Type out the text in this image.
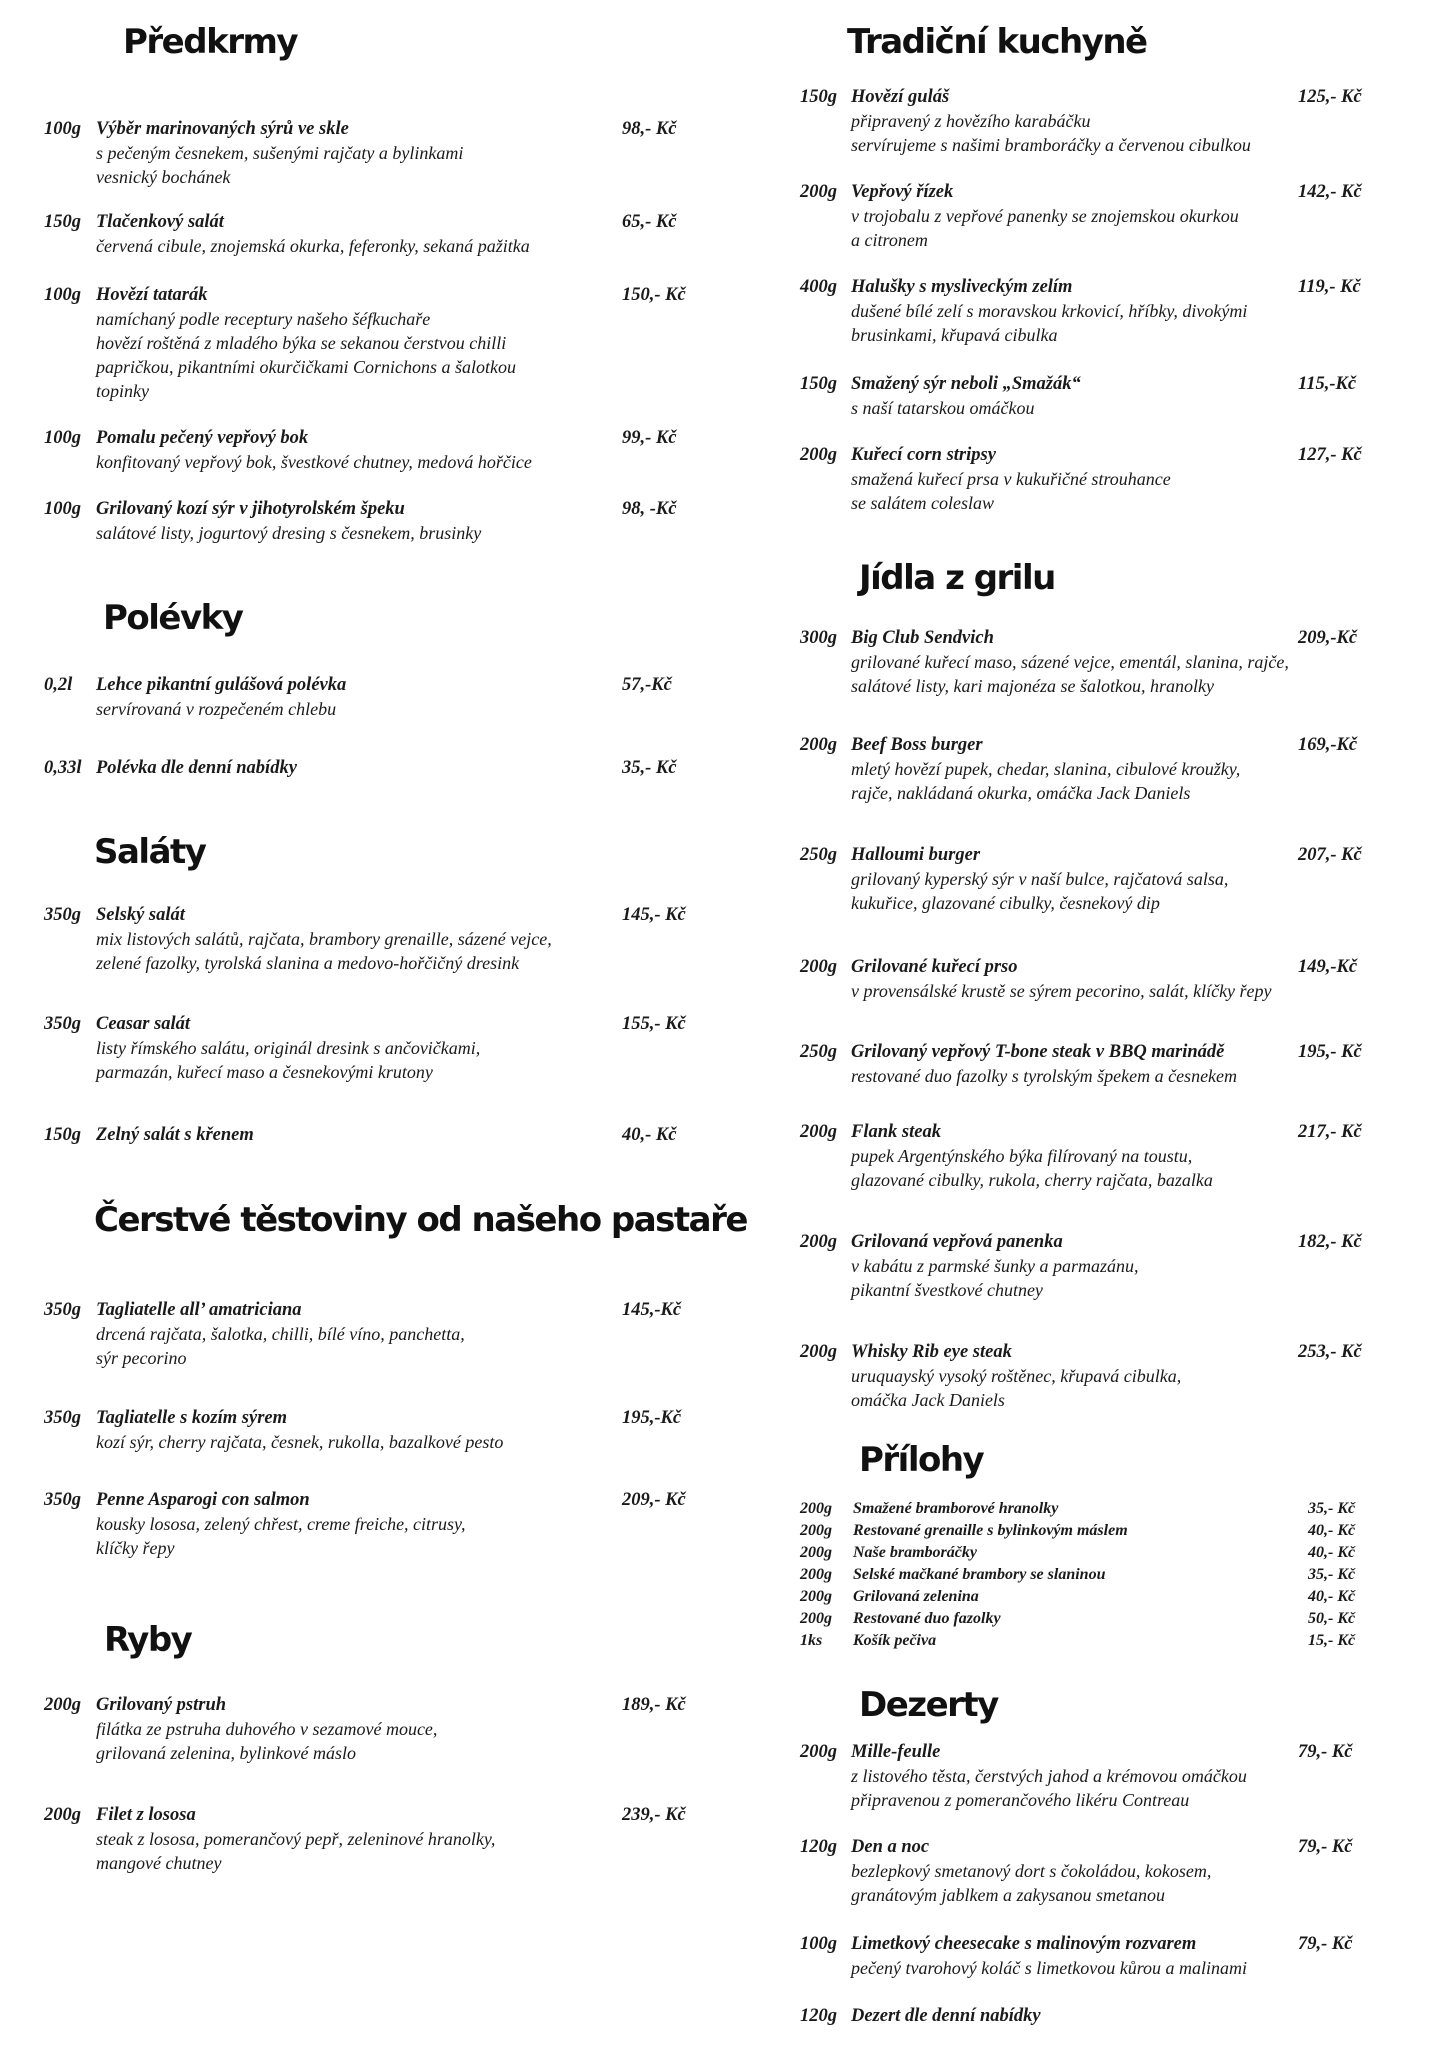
Předkrmy
100g Výběr marinovaných sýrů ve skle	98,- Kč
s pečeným česnekem, sušenými rajčaty a bylinkami
vesnický bochánek
150g Tlačenkový salát	65,- Kč
červená cibule, znojemská okurka, feferonky, sekaná pažitka
100g Hovězí tatarák	150,- Kč
namíchaný podle receptury našeho šéfkuchaře
hovězí roštěná z mladého býka se sekanou čerstvou chilli
papričkou, pikantními okurčičkami Cornichons a šalotkou
topinky
100g Pomalu pečený vepřový bok	99,- Kč
konfitovaný vepřový bok, švestkové chutney, medová hořčice
100g Grilovaný kozí sýr v jihotyrolském špeku	98, -Kč
salátové listy, jogurtový dresing s česnekem, brusinky
Polévky
0,2l Lehce pikantní gulášová polévka	57,-Kč
servírovaná v rozpečeném chlebu
0,33l Polévka dle denní nabídky	35,- Kč
Saláty
350g Selský salát	145,- Kč
mix listových salátů, rajčata, brambory grenaille, sázené vejce,
zelené fazolky, tyrolská slanina a medovo-hořčičný dresink
350g Ceasar salát	155,- Kč
listy římského salátu, originál dresink s ančovičkami,
parmazán, kuřecí maso a česnekovými krutony
150g Zelný salát s křenem	40,- Kč
Čerstvé těstoviny od našeho pastaře
350g Tagliatelle all’ amatriciana	145,-Kč
drcená rajčata, šalotka, chilli, bílé víno, panchetta,
sýr pecorino
350g Tagliatelle s kozím sýrem	195,-Kč
kozí sýr, cherry rajčata, česnek, rukolla, bazalkové pesto
350g Penne Asparogi con salmon	209,- Kč
kousky lososa, zelený chřest, creme freiche, citrusy,
klíčky řepy
Ryby
200g Grilovaný pstruh	189,- Kč
filátka ze pstruha duhového v sezamové mouce,
grilovaná zelenina, bylinkové máslo
200g Filet z lososa	239,- Kč
steak z lososa, pomerančový pepř, zeleninové hranolky,
mangové chutney
Tradiční kuchyně
150g Hovězí guláš	125,- Kč
připravený z hovězího karabáčku
servírujeme s našimi bramboráčky a červenou cibulkou
200g Vepřový řízek	142,- Kč
v trojobalu z vepřové panenky se znojemskou okurkou
a citronem
400g Halušky s mysliveckým zelím	119,- Kč
dušené bílé zelí s moravskou krkovicí, hříbky, divokými
brusinkami, křupavá cibulka
150g Smažený sýr neboli „Smažák“	115,-Kč
s naší tatarskou omáčkou
200g Kuřecí corn stripsy	127,- Kč
smažená kuřecí prsa v kukuřičné strouhance
se salátem coleslaw
Jídla z grilu
300g Big Club Sendvich	209,-Kč
grilované kuřecí maso, sázené vejce, ementál, slanina, rajče,
salátové listy, kari majonéza se šalotkou, hranolky
200g Beef Boss burger	169,-Kč
mletý hovězí pupek, chedar, slanina, cibulové kroužky,
rajče, nakládaná okurka, omáčka Jack Daniels
250g Halloumi burger	207,- Kč
grilovaný kyperský sýr v naší bulce, rajčatová salsa,
kukuřice, glazované cibulky, česnekový dip
200g Grilované kuřecí prso	149,-Kč
v provensálské krustě se sýrem pecorino, salát, klíčky řepy
250g Grilovaný vepřový T-bone steak v BBQ marinádě	195,- Kč
restované duo fazolky s tyrolským špekem a česnekem
200g Flank steak	217,- Kč
pupek Argentýnského býka filírovaný na toustu,
glazované cibulky, rukola, cherry rajčata, bazalka
200g Grilovaná vepřová panenka	182,- Kč
v kabátu z parmské šunky a parmazánu,
pikantní švestkové chutney
200g Whisky Rib eye steak	253,- Kč
uruquayský vysoký roštěnec, křupavá cibulka,
omáčka Jack Daniels
Přílohy
200g Smažené bramborové hranolky	35,- Kč
200g Restované grenaille s bylinkovým máslem	40,- Kč
200g Naše bramboráčky	40,- Kč
200g Selské mačkané brambory se slaninou	35,- Kč
200g Grilovaná zelenina	40,- Kč
200g Restované duo fazolky	50,- Kč
1ks Košík pečiva	15,- Kč
Dezerty
200g Mille-feulle	79,- Kč
z listového těsta, čerstvých jahod a krémovou omáčkou
připravenou z pomerančového likéru Contreau
120g Den a noc	79,- Kč
bezlepkový smetanový dort s čokoládou, kokosem,
granátovým jablkem a zakysanou smetanou
100g Limetkový cheesecake s malinovým rozvarem	79,- Kč
pečený tvarohový koláč s limetkovou kůrou a malinami
120g Dezert dle denní nabídky
